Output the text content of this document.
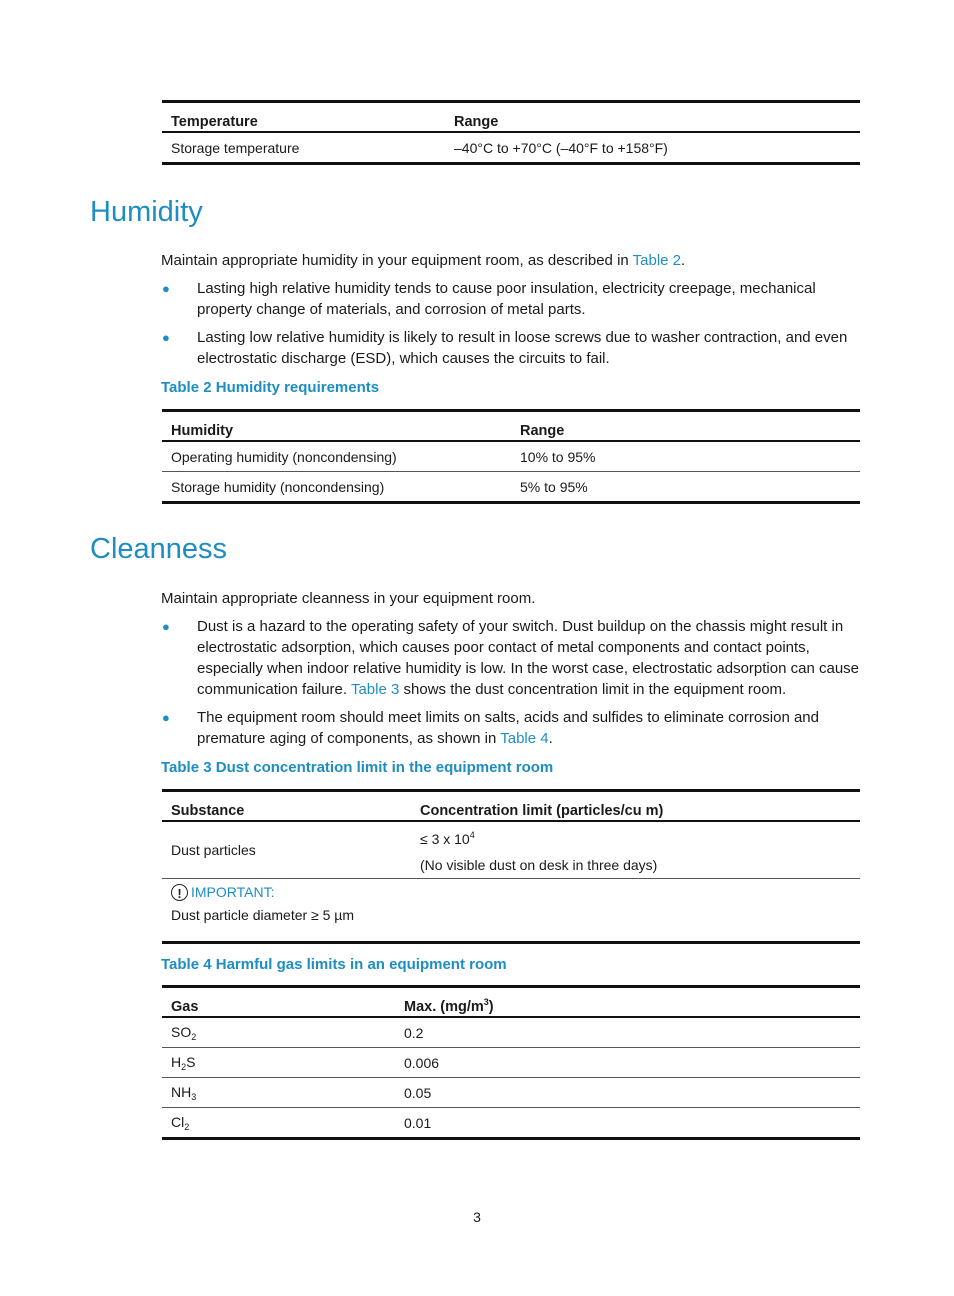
Temperature	Range
Storage temperature	–40°C to +70°C (–40°F to +158°F)
Humidity

Maintain appropriate humidity in your equipment room, as described in Table 2.

● Lasting high relative humidity tends to cause poor insulation, electricity creepage, mechanical property change of materials, and corrosion of metal parts.
● Lasting low relative humidity is likely to result in loose screws due to washer contraction, and even electrostatic discharge (ESD), which causes the circuits to fail.

Table 2 Humidity requirements

Humidity	Range
Operating humidity (noncondensing)	10% to 95%
Storage humidity (noncondensing)	5% to 95%
Cleanness

Maintain appropriate cleanness in your equipment room.

● Dust is a hazard to the operating safety of your switch. Dust buildup on the chassis might result in electrostatic adsorption, which causes poor contact of metal components and contact points, especially when indoor relative humidity is low. In the worst case, electrostatic adsorption can cause communication failure. Table 3 shows the dust concentration limit in the equipment room.
● The equipment room should meet limits on salts, acids and sulfides to eliminate corrosion and premature aging of components, as shown in Table 4.

Table 3 Dust concentration limit in the equipment room

Substance	Concentration limit (particles/cu m)
Dust particles	≤ 3 x $10^4$
(No visible dust on desk in three days)

! IMPORTANT:
Dust particle diameter ≥ 5 µm	

Table 4 Harmful gas limits in an equipment room

Gas	Max. $(mg/m^3)$
$SO_2$	0.2
$H_2S$	0.006
$NH_3$	0.05
$Cl_2$	0.01
3
